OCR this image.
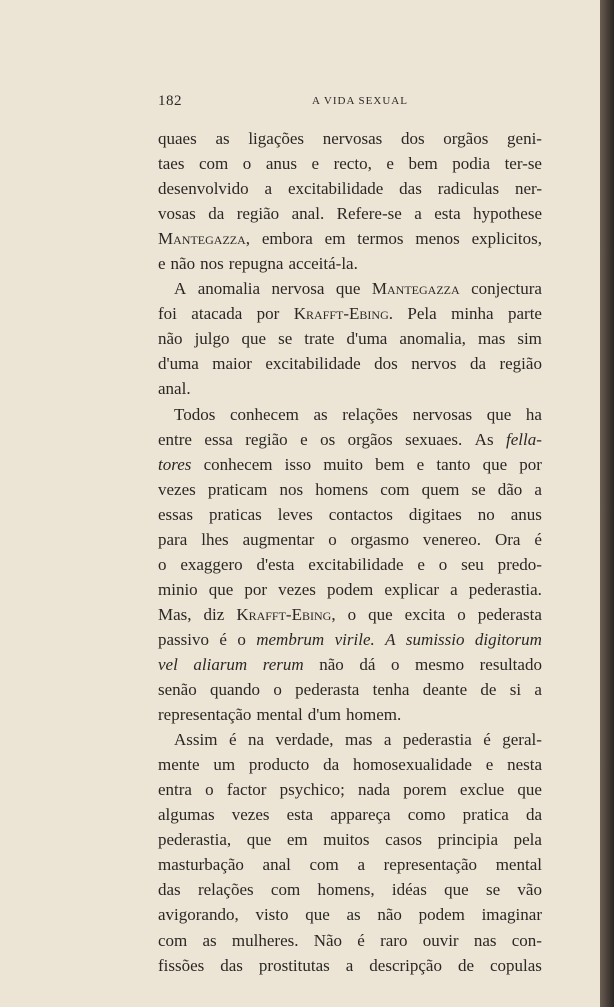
182	A VIDA SEXUAL
quaes as ligações nervosas dos orgãos geni-
taes com o anus e recto, e bem podia ter-se
desenvolvido a excitabilidade das radiculas ner-
vosas da região anal. Refere-se a esta hypothese
Mantegazza, embora em termos menos explicitos,
e não nos repugna acceitá-la.
A anomalia nervosa que Mantegazza conjectura
foi atacada por Krafft-Ebing. Pela minha parte
não julgo que se trate d'uma anomalia, mas sim
d'uma maior excitabilidade dos nervos da região
anal.
Todos conhecem as relações nervosas que ha
entre essa região e os orgãos sexuaes. As fella-
tores conhecem isso muito bem e tanto que por
vezes praticam nos homens com quem se dão a
essas praticas leves contactos digitaes no anus
para lhes augmentar o orgasmo venereo. Ora é
o exaggero d'esta excitabilidade e o seu predo-
minio que por vezes podem explicar a pederastia.
Mas, diz Krafft-Ebing, o que excita o pederasta
passivo é o membrum virile. A sumissio digitorum
vel aliarum rerum não dá o mesmo resultado
senão quando o pederasta tenha deante de si a
representação mental d'um homem.
Assim é na verdade, mas a pederastia é geral-
mente um producto da homosexualidade e nesta
entra o factor psychico; nada porem exclue que
algumas vezes esta appareça como pratica da
pederastia, que em muitos casos principia pela
masturbação anal com a representação mental
das relações com homens, idéas que se vão
avigorando, visto que as não podem imaginar
com as mulheres. Não é raro ouvir nas con-
fissões das prostitutas a descripção de copulas
